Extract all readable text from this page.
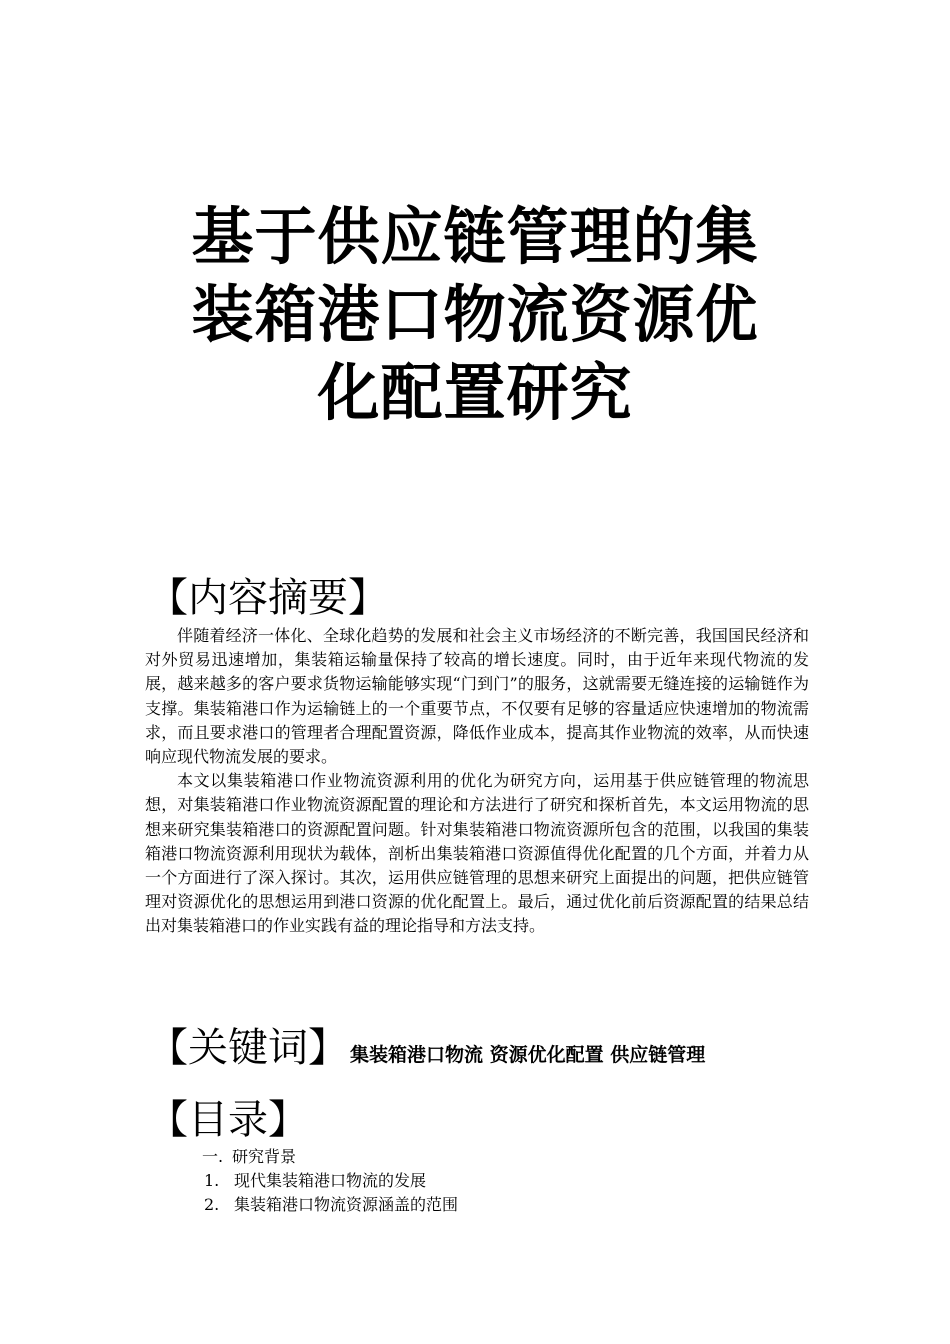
基于供应链管理的集
装箱港口物流资源优
化配置研究
【内容摘要】

伴随着经济一体化、全球化趋势的发展和社会主义市场经济的不断完善，我国国民经济和对外贸易迅速增加，集装箱运输量保持了较高的增长速度。同时，由于近年来现代物流的发展，越来越多的客户要求货物运输能够实现“门到门”的服务，这就需要无缝连接的运输链作为支撑。集装箱港口作为运输链上的一个重要节点，不仅要有足够的容量适应快速增加的物流需求，而且要求港口的管理者合理配置资源，降低作业成本，提高其作业物流的效率，从而快速响应现代物流发展的要求。

本文以集装箱港口作业物流资源利用的优化为研究方向，运用基于供应链管理的物流思想，对集装箱港口作业物流资源配置的理论和方法进行了研究和探析首先，本文运用物流的思想来研究集装箱港口的资源配置问题。针对集装箱港口物流资源所包含的范围，以我国的集装箱港口物流资源利用现状为载体，剖析出集装箱港口资源值得优化配置的几个方面，并着力从一个方面进行了深入探讨。其次，运用供应链管理的思想来研究上面提出的问题，把供应链管理对资源优化的思想运用到港口资源的优化配置上。最后，通过优化前后资源配置的结果总结出对集装箱港口的作业实践有益的理论指导和方法支持。

【关键词】 集装箱港口物流 资源优化配置 供应链管理
【目录】
一. 研究背景
1. 现代集装箱港口物流的发展
2. 集装箱港口物流资源涵盖的范围
